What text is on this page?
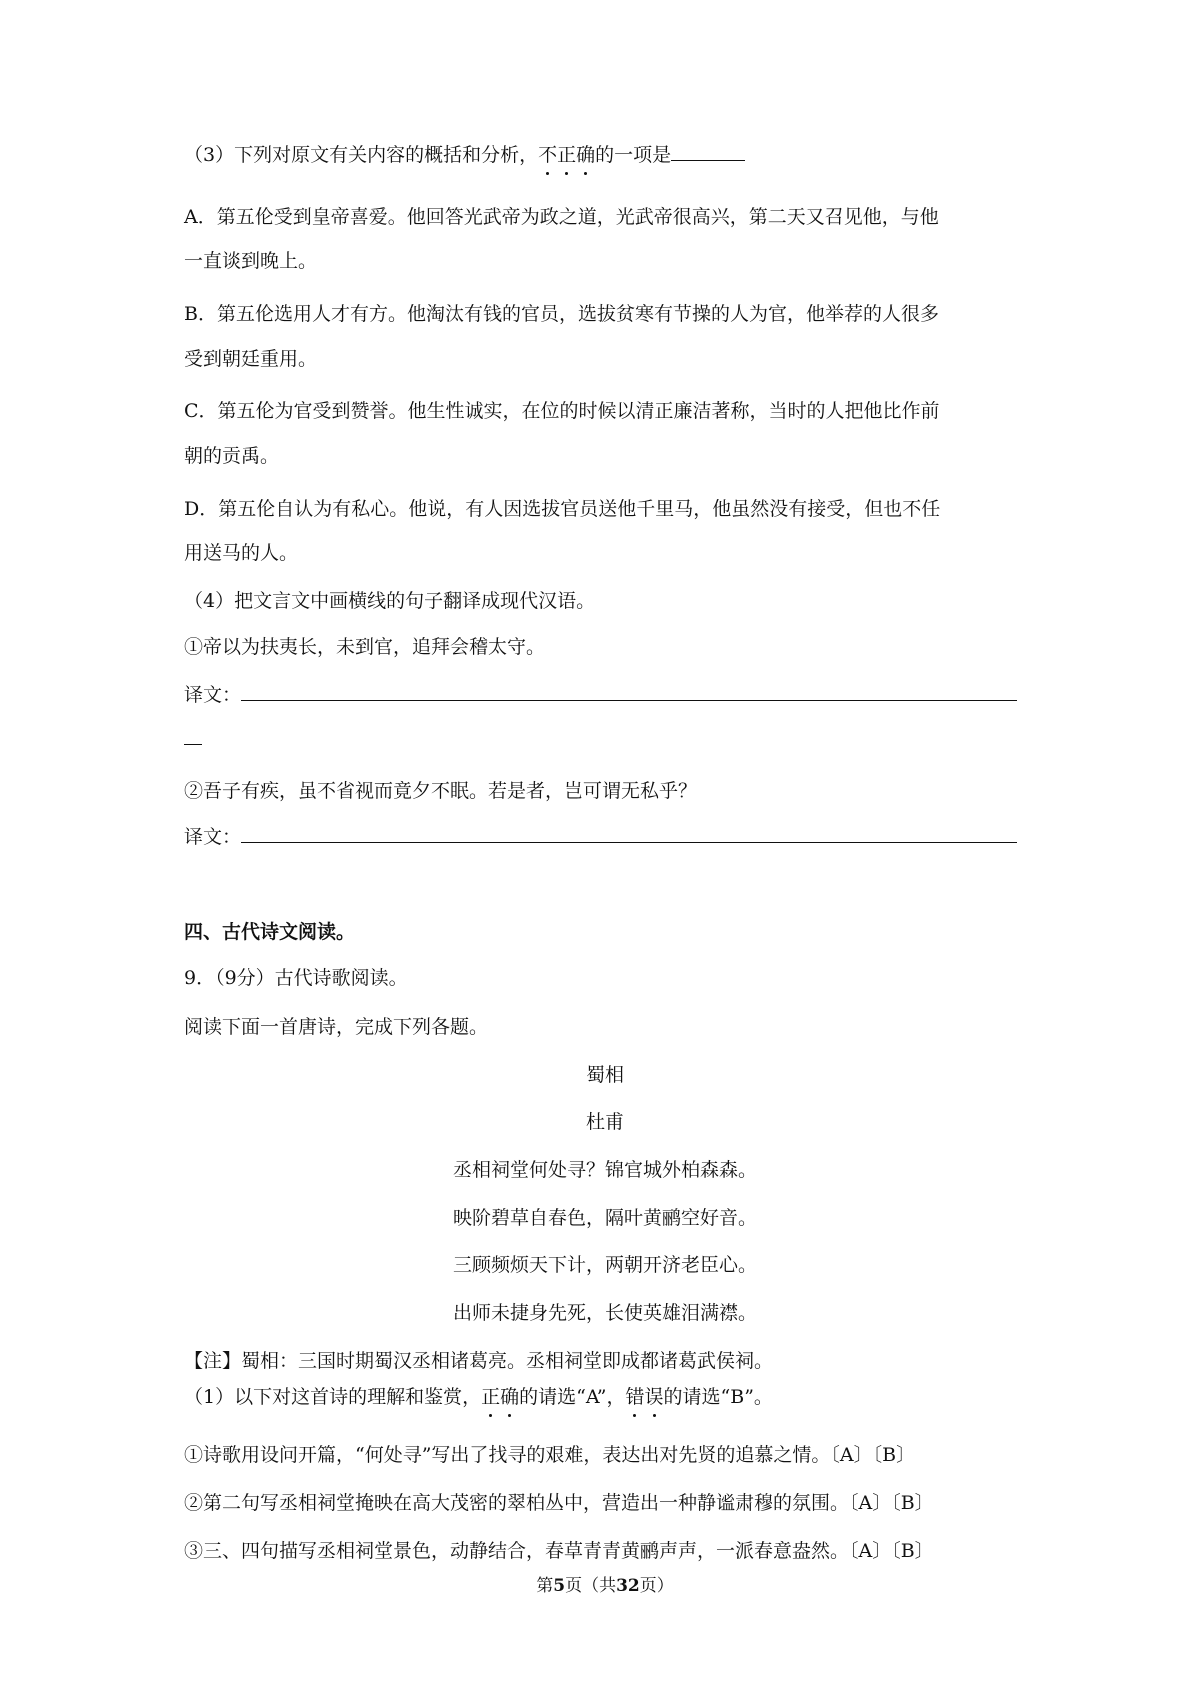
（3）下列对原文有关内容的概括和分析，不正确的一项是
A．第五伦受到皇帝喜爱。他回答光武帝为政之道，光武帝很高兴，第二天又召见他，与他
一直谈到晚上。
B．第五伦选用人才有方。他淘汰有钱的官员，选拔贫寒有节操的人为官，他举荐的人很多
受到朝廷重用。
C．第五伦为官受到赞誉。他生性诚实，在位的时候以清正廉洁著称，当时的人把他比作前
朝的贡禹。
D．第五伦自认为有私心。他说，有人因选拔官员送他千里马，他虽然没有接受，但也不任
用送马的人。
（4）把文言文中画横线的句子翻译成现代汉语。
①帝以为扶夷长，未到官，追拜会稽太守。
译文：
②吾子有疾，虽不省视而竟夕不眠。若是者，岂可谓无私乎？
译文：
四、古代诗文阅读。
9．（9分）古代诗歌阅读。
阅读下面一首唐诗，完成下列各题。
蜀相
杜甫
丞相祠堂何处寻？锦官城外柏森森。
映阶碧草自春色，隔叶黄鹂空好音。
三顾频烦天下计，两朝开济老臣心。
出师未捷身先死，长使英雄泪满襟。
【注】蜀相：三国时期蜀汉丞相诸葛亮。丞相祠堂即成都诸葛武侯祠。
（1）以下对这首诗的理解和鉴赏，正确的请选“A”，错误的请选“B”。
①诗歌用设问开篇，“何处寻”写出了找寻的艰难，表达出对先贤的追慕之情。〔A〕〔B〕
②第二句写丞相祠堂掩映在高大茂密的翠柏丛中，营造出一种静谧肃穆的氛围。〔A〕〔B〕
③三、四句描写丞相祠堂景色，动静结合，春草青青黄鹂声声，一派春意盎然。〔A〕〔B〕
第5页（共32页）
